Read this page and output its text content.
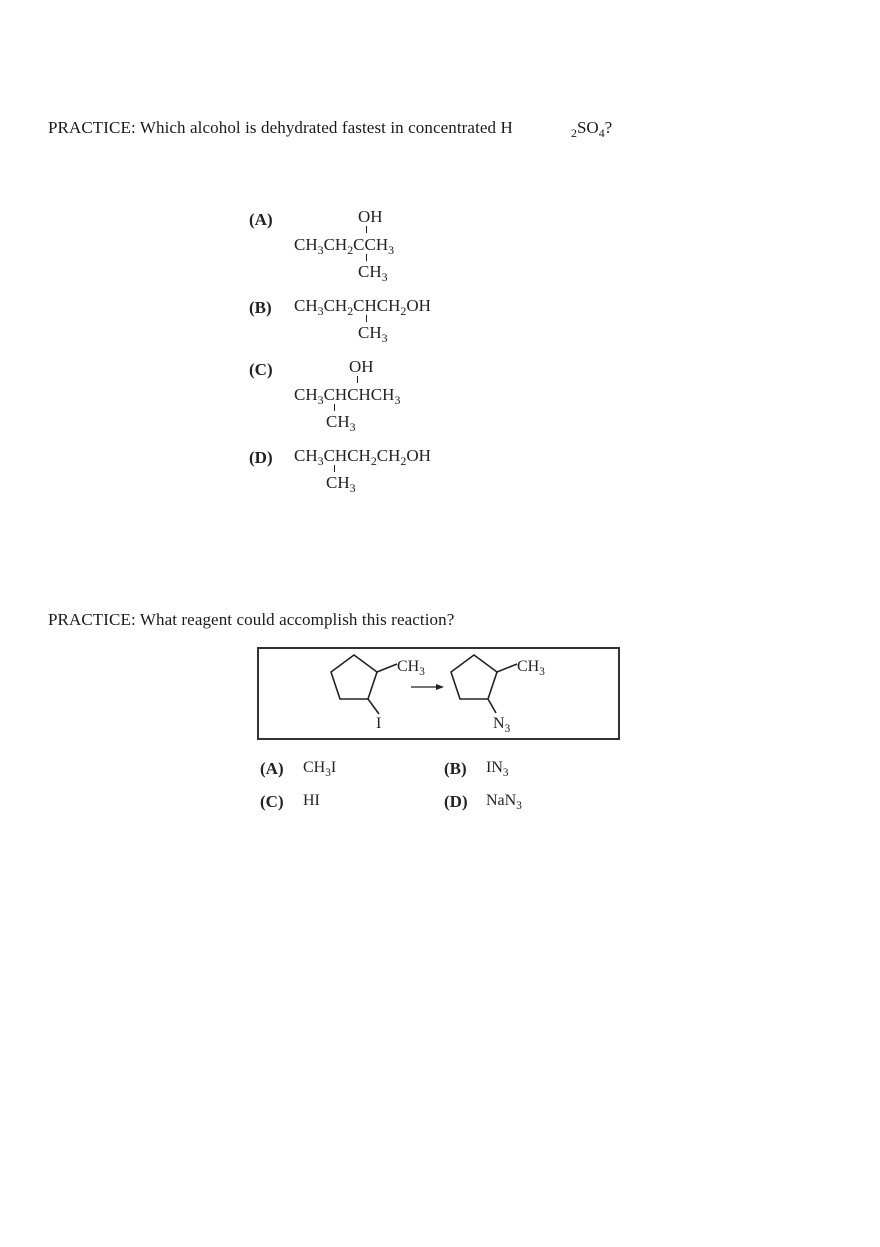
PRACTICE: Which alcohol is dehydrated fastest in concentrated H	$_2SO_4$?
(A)	OH
$CH_3CH_2CCH_3$
$CH_3$
(B) $CH_3CH_2CHCH_2OH$
$CH_3$
(C)	OH
$CH_3CHCHCH_3$
$CH_3$
(D) $CH_3CHCH_2CH_2OH$
$CH_3$
PRACTICE: What reagent could accomplish this reaction?
$CH_3$
I
$CH_3$
$N_3$
(A) $CH_3I$	(B) $IN_3$
(C) HI	(D) NaN$_3$
